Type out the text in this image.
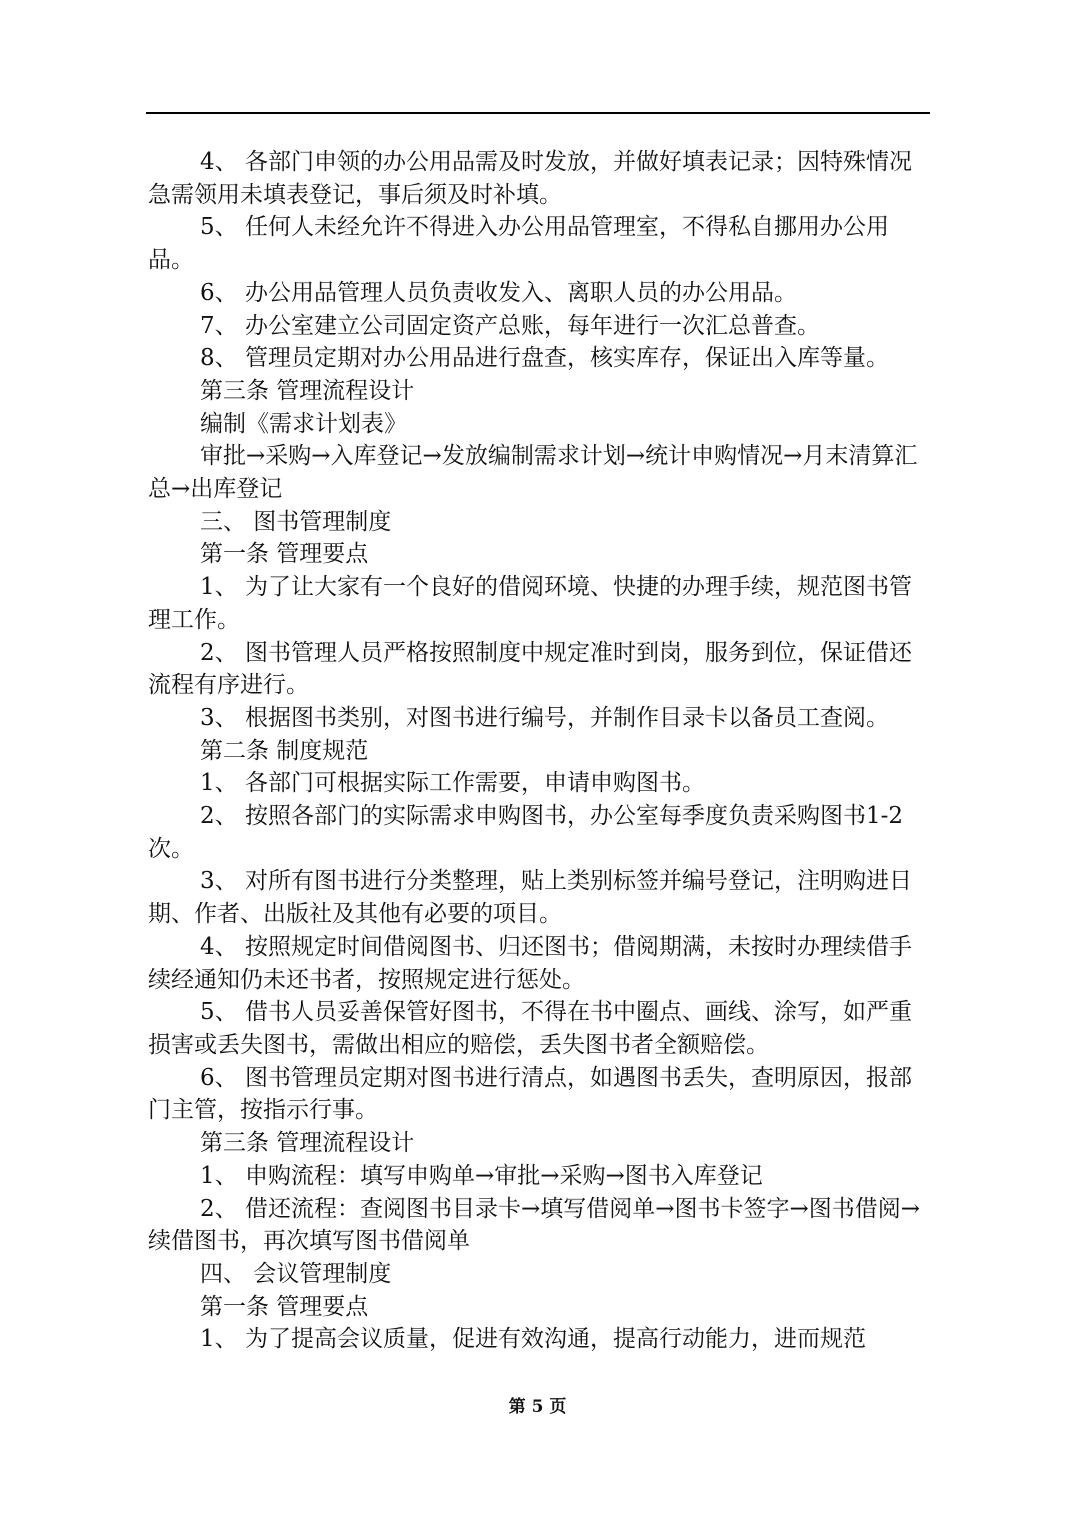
4、 各部门申领的办公用品需及时发放，并做好填表记录；因特殊情况急需领用未填表登记，事后须及时补填。

5、 任何人未经允许不得进入办公用品管理室，不得私自挪用办公用品。

6、 办公用品管理人员负责收发入、离职人员的办公用品。

7、 办公室建立公司固定资产总账，每年进行一次汇总普查。

8、 管理员定期对办公用品进行盘查，核实库存，保证出入库等量。

第三条 管理流程设计

编制《需求计划表》

审批→采购→入库登记→发放编制需求计划→统计申购情况→月末清算汇总→出库登记

三、 图书管理制度

第一条 管理要点

1、 为了让大家有一个良好的借阅环境、快捷的办理手续，规范图书管理工作。

2、 图书管理人员严格按照制度中规定准时到岗，服务到位，保证借还流程有序进行。

3、 根据图书类别，对图书进行编号，并制作目录卡以备员工查阅。

第二条 制度规范

1、 各部门可根据实际工作需要，申请申购图书。

2、 按照各部门的实际需求申购图书，办公室每季度负责采购图书1-2次。

3、 对所有图书进行分类整理，贴上类别标签并编号登记，注明购进日期、作者、出版社及其他有必要的项目。

4、 按照规定时间借阅图书、归还图书；借阅期满，未按时办理续借手续经通知仍未还书者，按照规定进行惩处。

5、 借书人员妥善保管好图书，不得在书中圈点、画线、涂写，如严重损害或丢失图书，需做出相应的赔偿，丢失图书者全额赔偿。

6、 图书管理员定期对图书进行清点，如遇图书丢失，查明原因，报部门主管，按指示行事。

第三条 管理流程设计

1、 申购流程：填写申购单→审批→采购→图书入库登记

2、 借还流程：查阅图书目录卡→填写借阅单→图书卡签字→图书借阅→续借图书，再次填写图书借阅单

四、 会议管理制度

第一条 管理要点

1、 为了提高会议质量，促进有效沟通，提高行动能力，进而规范

第 5 页
